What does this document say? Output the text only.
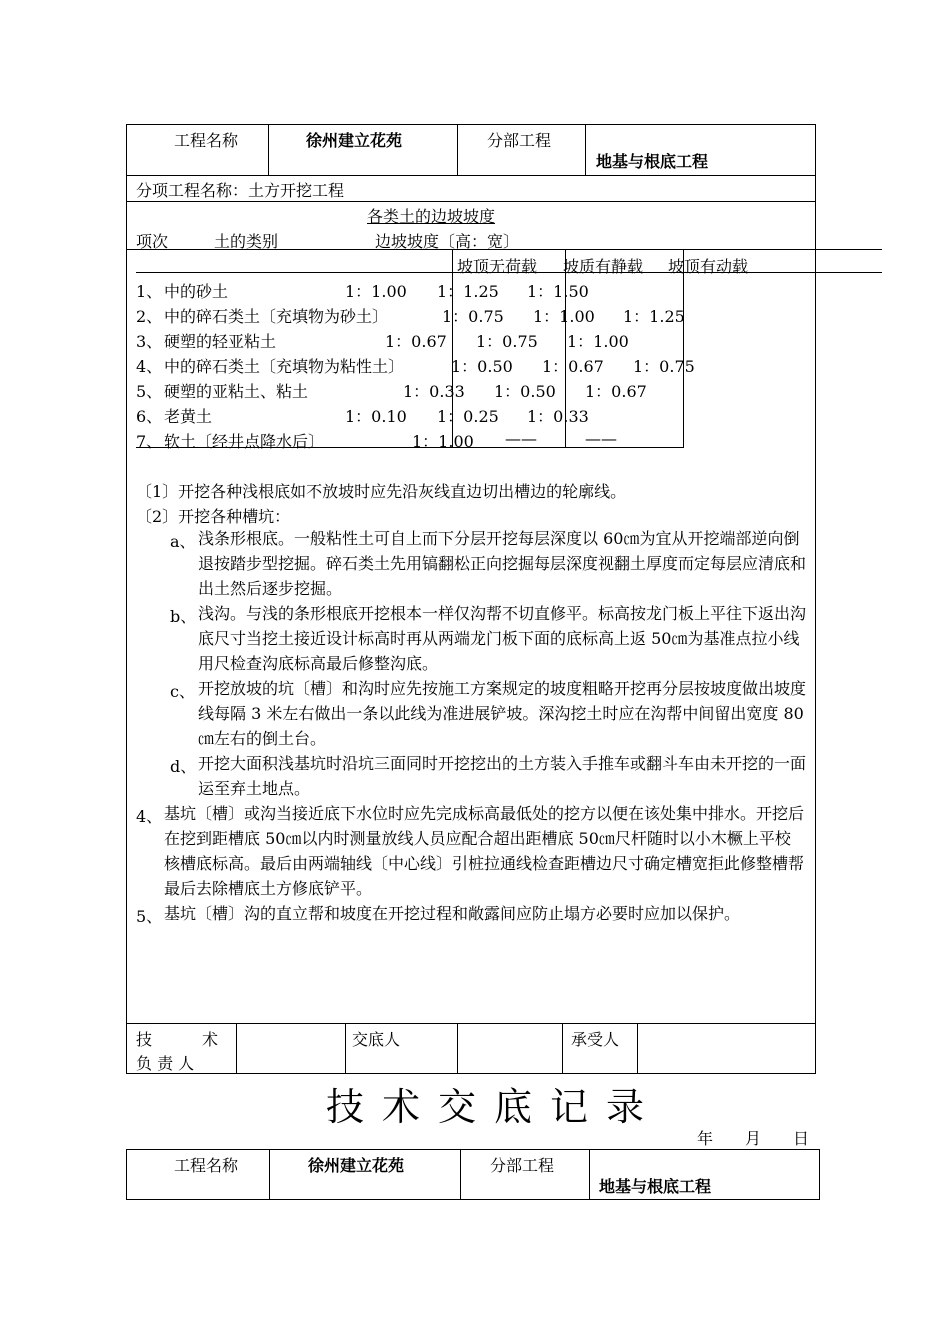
工程名称	徐州建立花苑	分部工程
地基与根底工程
分项工程名称：土方开挖工程
各类土的边坡坡度
项次	土的类别	边坡坡度〔高：宽〕
坡顶无荷载 坡质有静载 坡顶有动载
1、 中的砂土	1：1.00 1：1.25 1：1.50
2、 中的碎石类土〔充填物为砂土〕	1：0.75 1：1.00 1：1.25
3、 硬塑的轻亚粘土	1：0.67 1：0.75 1：1.00
4、 中的碎石类土〔充填物为粘性土〕	1：0.50 1：0.67 1：0.75
5、 硬塑的亚粘土、粘土	1：0.33 1：0.50 1：0.67
6、 老黄土	1：0.10 1：0.25 1：0.33
7、 软土〔经井点降水后〕	1：1.00 ——	——
〔1〕开挖各种浅根底如不放坡时应先沿灰线直边切出槽边的轮廓线。
〔2〕开挖各种槽坑：
a、 浅条形根底。一般粘性土可自上而下分层开挖每层深度以 60㎝为宜从开挖端部逆向倒退按踏步型挖掘。碎石类土先用镐翻松正向挖掘每层深度视翻土厚度而定每层应清底和出土然后逐步挖掘。
b、 浅沟。与浅的条形根底开挖根本一样仅沟帮不切直修平。标高按龙门板上平往下返出沟底尺寸当挖土接近设计标高时再从两端龙门板下面的底标高上返 50㎝为基准点拉小线用尺检查沟底标高最后修整沟底。
c、 开挖放坡的坑〔槽〕和沟时应先按施工方案规定的坡度粗略开挖再分层按坡度做出坡度线每隔 3 米左右做出一条以此线为准进展铲坡。深沟挖土时应在沟帮中间留出宽度 80㎝左右的倒土台。
d、 开挖大面积浅基坑时沿坑三面同时开挖挖出的土方装入手推车或翻斗车由未开挖的一面运至弃土地点。
4、 基坑〔槽〕或沟当接近底下水位时应先完成标高最低处的挖方以便在该处集中排水。开挖后在挖到距槽底 50㎝以内时测量放线人员应配合超出距槽底 50㎝尺杆随时以小木橛上平校核槽底标高。最后由两端轴线〔中心线〕引桩拉通线检查距槽边尺寸确定槽宽拒此修整槽帮最后去除槽底土方修底铲平。
5、 基坑〔槽〕沟的直立帮和坡度在开挖过程和敞露间应防止塌方必要时应加以保护。
技　　术
负 责 人
交底人	承受人
技术交底记录
年　　月　　日
工程名称	徐州建立花苑	分部工程
地基与根底工程
